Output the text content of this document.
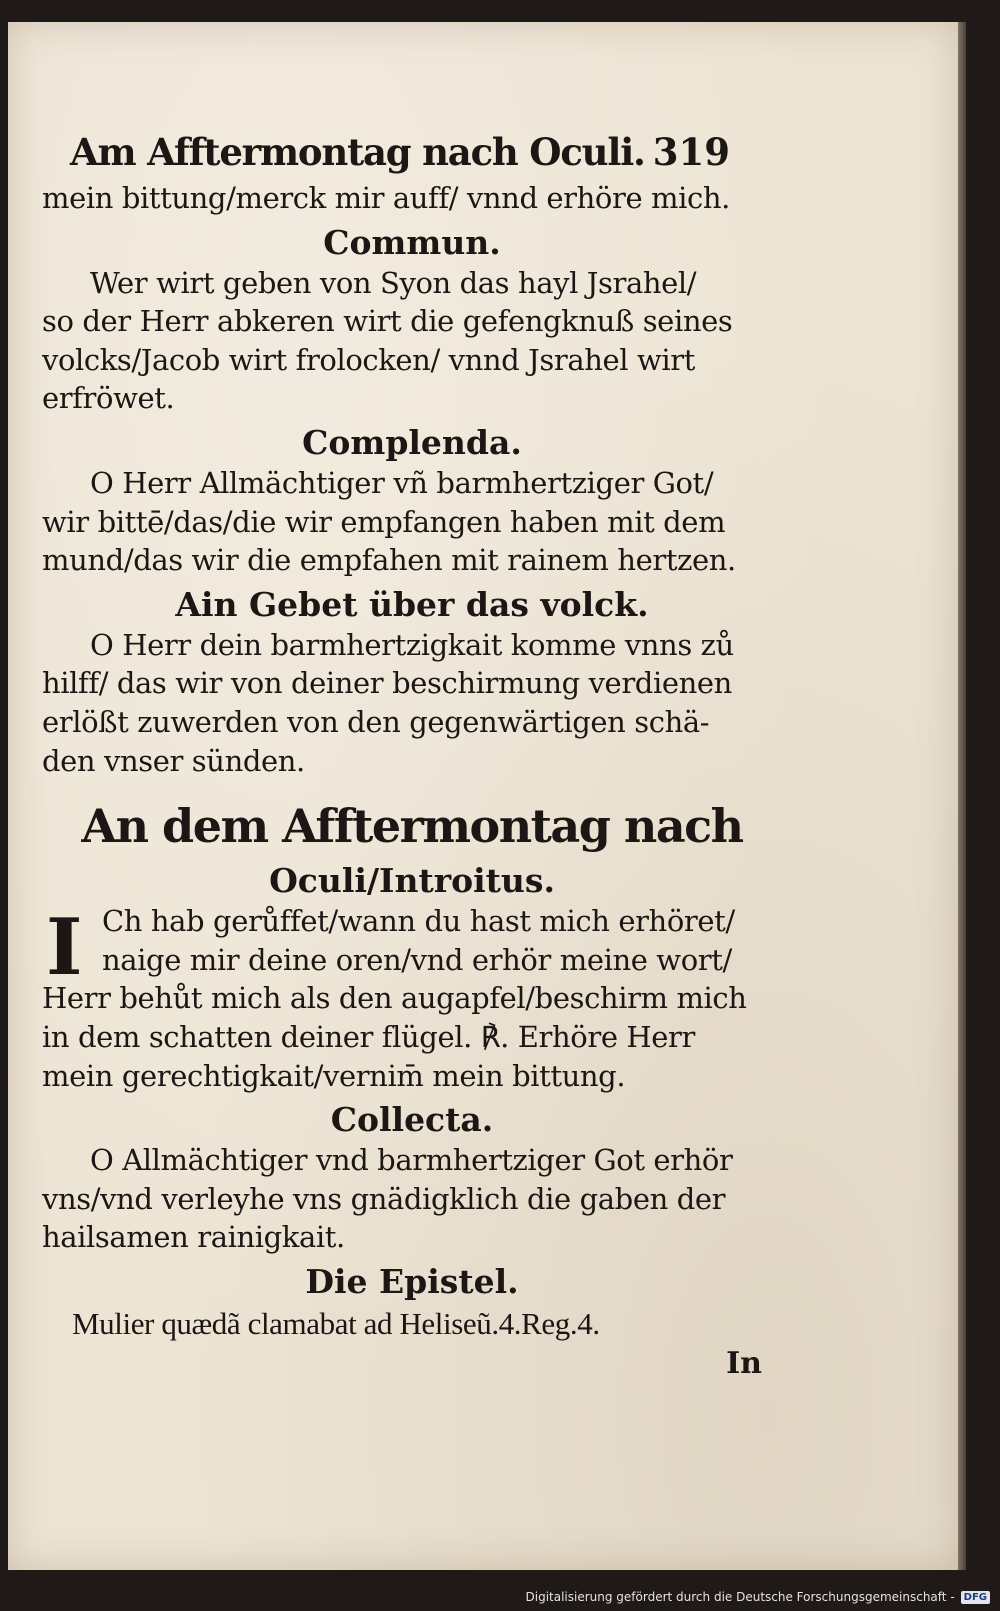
Am Afftermontag nach Oculi. 319
mein bittung/merck mir auff/ vnnd erhöre mich.
Commun.
Wer wirt geben von Syon das hayl Jsrahel/
so der Herr abkeren wirt die gefengknuß seines
volcks/Jacob wirt frolocken/ vnnd Jsrahel wirt
erfröwet.
Complenda.
O Herr Allmächtiger vñ barmhertziger Got/
wir bittē/das/die wir empfangen haben mit dem
mund/das wir die empfahen mit rainem hertzen.
Ain Gebet über das volck.
O Herr dein barmhertzigkait komme vnns zů
hilff/ das wir von deiner beschirmung verdienen
erlößt zuwerden von den gegenwärtigen schä-
den vnser sünden.
An dem Afftermontag nach
Oculi/Introitus.
I Ch hab gerůffet/wann du hast mich erhöret/
naige mir deine oren/vnd erhör meine wort/
Herr behůt mich als den augapfel/beschirm mich
in dem schatten deiner flügel. ℟. Erhöre Herr
mein gerechtigkait/vernim̄ mein bittung.
Collecta.
O Allmächtiger vnd barmhertziger Got erhör
vns/vnd verleyhe vns gnädigklich die gaben der
hailsamen rainigkait.
Die Epistel.
Mulier quædã clamabat ad Heliseũ.4.Reg.4.
In
Digitalisierung gefördert durch die Deutsche Forschungsgemeinschaft - DFG
